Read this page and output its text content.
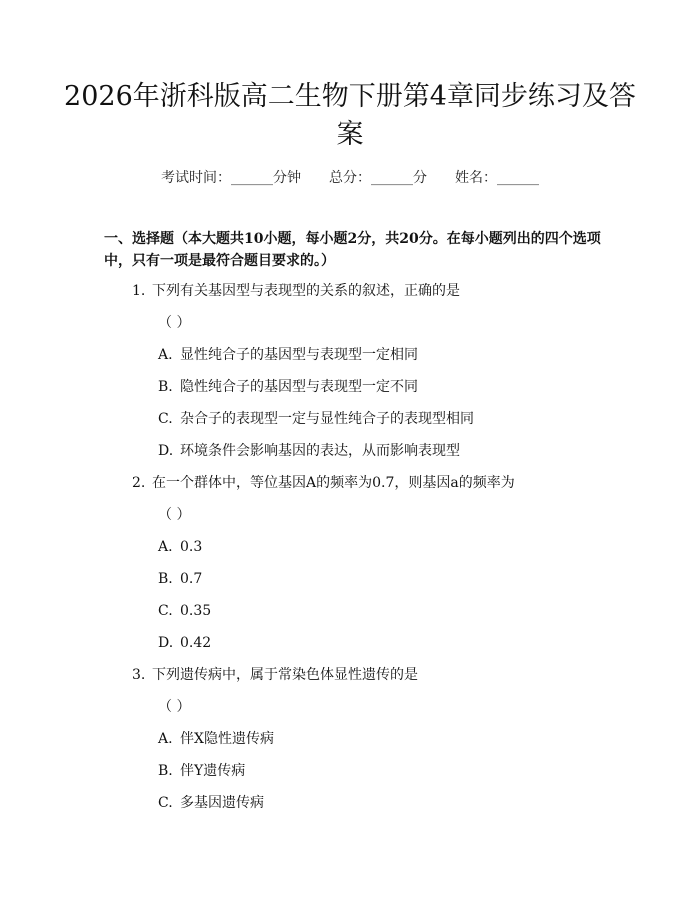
2026年浙科版高二生物下册第4章同步练习及答案
考试时间：______分钟 总分：______分 姓名：______
一、选择题（本大题共10小题，每小题2分，共20分。在每小题列出的四个选项中，只有一项是最符合题目要求的。）
1. 下列有关基因型与表现型的关系的叙述，正确的是
（ ）
A. 显性纯合子的基因型与表现型一定相同
B. 隐性纯合子的基因型与表现型一定不同
C. 杂合子的表现型一定与显性纯合子的表现型相同
D. 环境条件会影响基因的表达，从而影响表现型
2. 在一个群体中，等位基因A的频率为0.7，则基因a的频率为
（ ）
A. 0.3
B. 0.7
C. 0.35
D. 0.42
3. 下列遗传病中，属于常染色体显性遗传的是
（ ）
A. 伴X隐性遗传病
B. 伴Y遗传病
C. 多基因遗传病
